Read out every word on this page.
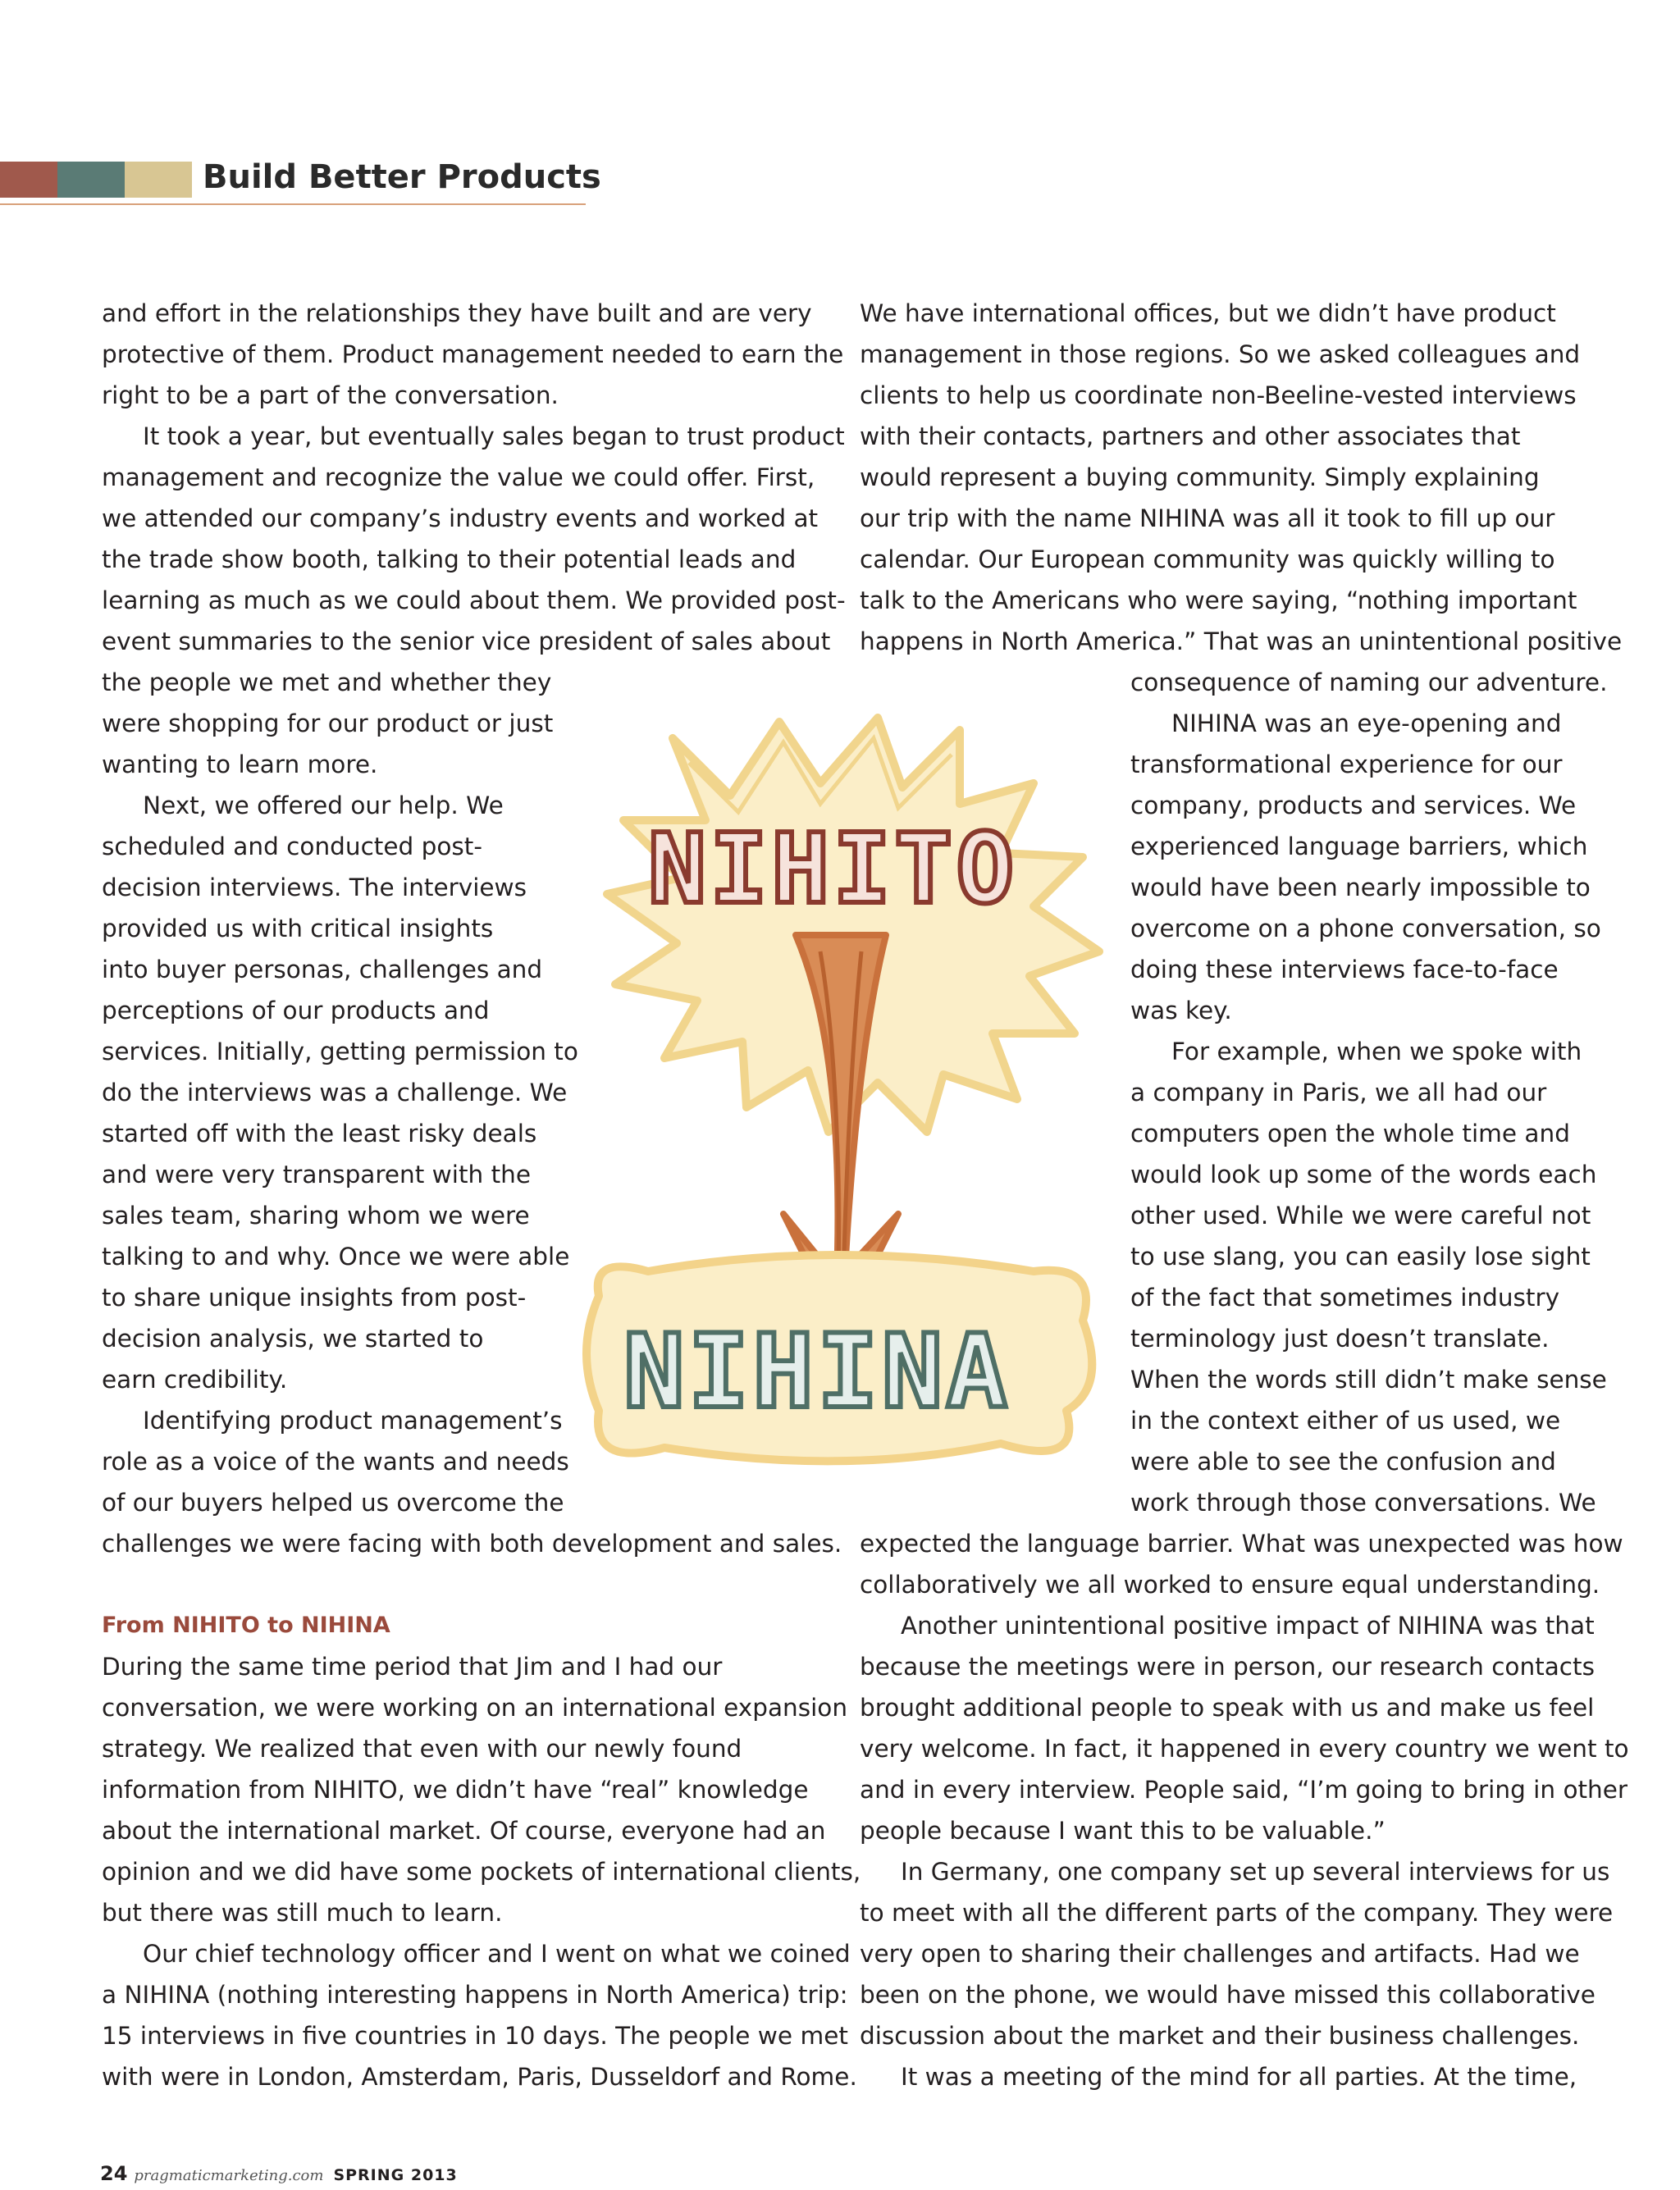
Build Better Products
and effort in the relationships they have built and are very
protective of them. Product management needed to earn the
right to be a part of the conversation.
It took a year, but eventually sales began to trust product
management and recognize the value we could offer. First,
we attended our company’s industry events and worked at
the trade show booth, talking to their potential leads and
learning as much as we could about them. We provided post-
event summaries to the senior vice president of sales about
the people we met and whether they
were shopping for our product or just
wanting to learn more.
Next, we offered our help. We
scheduled and conducted post-
decision interviews. The interviews
provided us with critical insights
into buyer personas, challenges and
perceptions of our products and
services. Initially, getting permission to
do the interviews was a challenge. We
started off with the least risky deals
and were very transparent with the
sales team, sharing whom we were
talking to and why. Once we were able
to share unique insights from post-
decision analysis, we started to
earn credibility.
Identifying product management’s
role as a voice of the wants and needs
of our buyers helped us overcome the
challenges we were facing with both development and sales.
From NIHITO to NIHINA
During the same time period that Jim and I had our
conversation, we were working on an international expansion
strategy. We realized that even with our newly found
information from NIHITO, we didn’t have “real” knowledge
about the international market. Of course, everyone had an
opinion and we did have some pockets of international clients,
but there was still much to learn.
Our chief technology officer and I went on what we coined
a NIHINA (nothing interesting happens in North America) trip:
15 interviews in five countries in 10 days. The people we met
with were in London, Amsterdam, Paris, Dusseldorf and Rome.
We have international offices, but we didn’t have product
management in those regions. So we asked colleagues and
clients to help us coordinate non-Beeline-vested interviews
with their contacts, partners and other associates that
would represent a buying community. Simply explaining
our trip with the name NIHINA was all it took to fill up our
calendar. Our European community was quickly willing to
talk to the Americans who were saying, “nothing important
happens in North America.” That was an unintentional positive
consequence of naming our adventure.
NIHINA was an eye-opening and
transformational experience for our
company, products and services. We
experienced language barriers, which
would have been nearly impossible to
overcome on a phone conversation, so
doing these interviews face-to-face
was key.
For example, when we spoke with
a company in Paris, we all had our
computers open the whole time and
would look up some of the words each
other used. While we were careful not
to use slang, you can easily lose sight
of the fact that sometimes industry
terminology just doesn’t translate.
When the words still didn’t make sense
in the context either of us used, we
were able to see the confusion and
work through those conversations. We
expected the language barrier. What was unexpected was how
collaboratively we all worked to ensure equal understanding.
Another unintentional positive impact of NIHINA was that
because the meetings were in person, our research contacts
brought additional people to speak with us and make us feel
very welcome. In fact, it happened in every country we went to
and in every interview. People said, “I’m going to bring in other
people because I want this to be valuable.”
In Germany, one company set up several interviews for us
to meet with all the different parts of the company. They were
very open to sharing their challenges and artifacts. Had we
been on the phone, we would have missed this collaborative
discussion about the market and their business challenges.
It was a meeting of the mind for all parties. At the time,
NIHITO
NIHINA
24 pragmaticmarketing.com SPRING 2013
